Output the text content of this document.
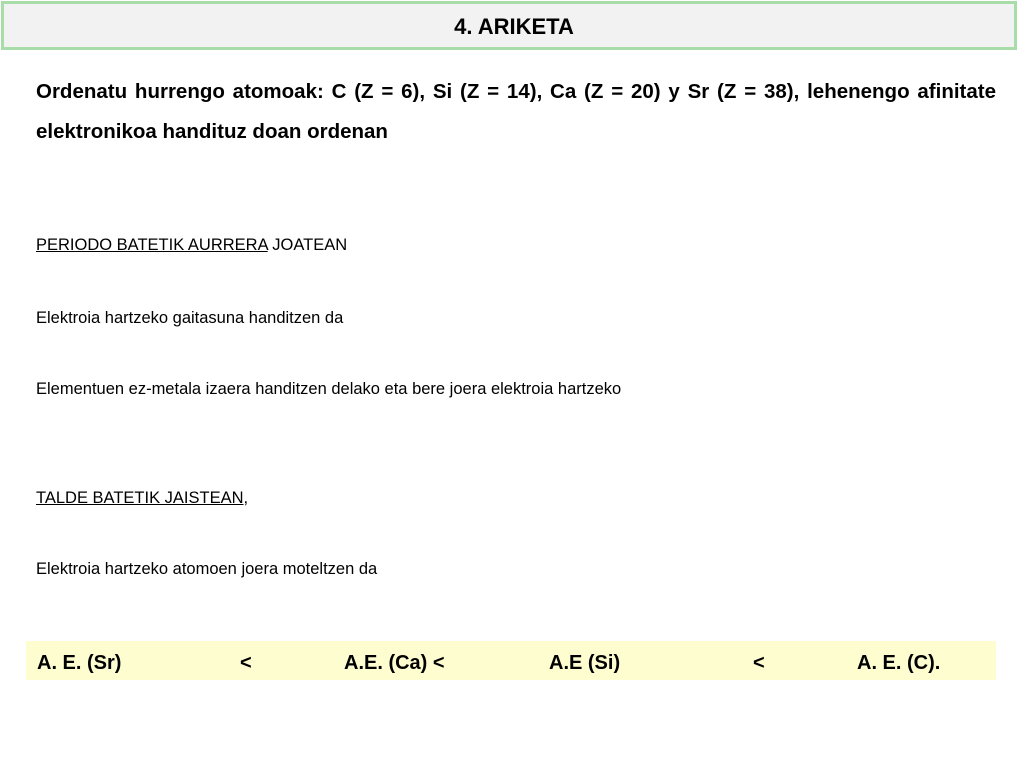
4. ARIKETA
Ordenatu hurrengo atomoak: C (Z = 6), Si (Z = 14), Ca (Z = 20) y Sr (Z = 38), lehenengo afinitate elektronikoa handituz doan ordenan
PERIODO BATETIK AURRERA JOATEAN
Elektroia hartzeko gaitasuna handitzen da
Elementuen ez-metala izaera handitzen delako eta bere joera elektroia hartzeko
TALDE BATETIK JAISTEAN,
Elektroia hartzeko atomoen joera moteltzen da
A. E. (Sr)	<	A.E. (Ca) <	A.E (Si)	<	A. E. (C).
